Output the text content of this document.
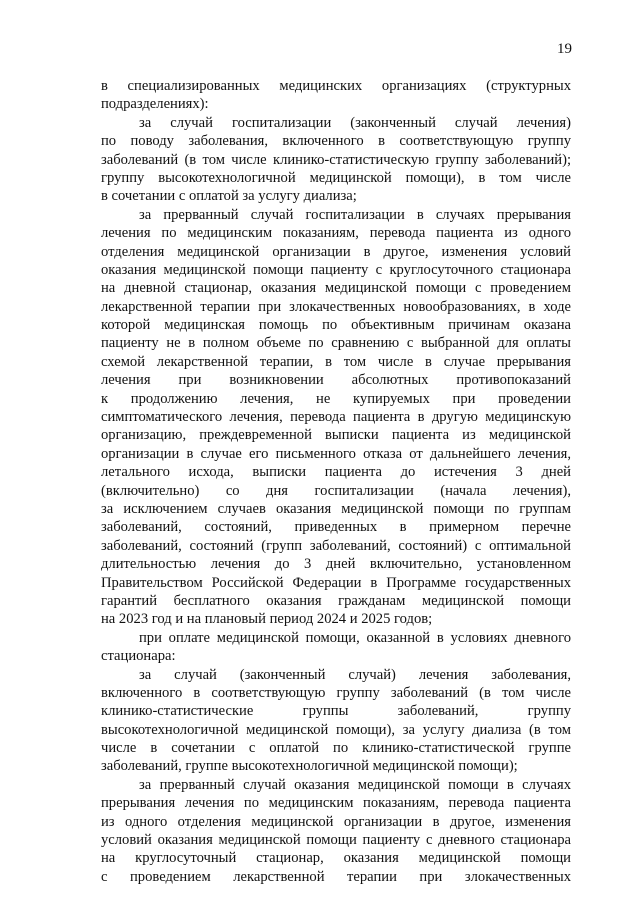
19
в специализированных медицинских организациях (структурных
подразделениях):
за случай госпитализации (законченный случай лечения)
по поводу заболевания, включенного в соответствующую группу
заболеваний (в том числе клинико-статистическую группу заболеваний);
группу высокотехнологичной медицинской помощи), в том числе
в сочетании с оплатой за услугу диализа;
за прерванный случай госпитализации в случаях прерывания
лечения по медицинским показаниям, перевода пациента из одного
отделения медицинской организации в другое, изменения условий
оказания медицинской помощи пациенту с круглосуточного стационара
на дневной стационар, оказания медицинской помощи с проведением
лекарственной терапии при злокачественных новообразованиях, в ходе
которой медицинская помощь по объективным причинам оказана
пациенту не в полном объеме по сравнению с выбранной для оплаты
схемой лекарственной терапии, в том числе в случае прерывания
лечения при возникновении абсолютных противопоказаний
к продолжению лечения, не купируемых при проведении
симптоматического лечения, перевода пациента в другую медицинскую
организацию, преждевременной выписки пациента из медицинской
организации в случае его письменного отказа от дальнейшего лечения,
летального исхода, выписки пациента до истечения 3 дней
(включительно) со дня госпитализации (начала лечения),
за исключением случаев оказания медицинской помощи по группам
заболеваний, состояний, приведенных в примерном перечне
заболеваний, состояний (групп заболеваний, состояний) с оптимальной
длительностью лечения до 3 дней включительно, установленном
Правительством Российской Федерации в Программе государственных
гарантий бесплатного оказания гражданам медицинской помощи
на 2023 год и на плановый период 2024 и 2025 годов;
при оплате медицинской помощи, оказанной в условиях дневного
стационара:
за случай (законченный случай) лечения заболевания,
включенного в соответствующую группу заболеваний (в том числе
клинико-статистические группы заболеваний, группу
высокотехнологичной медицинской помощи), за услугу диализа (в том
числе в сочетании с оплатой по клинико-статистической группе
заболеваний, группе высокотехнологичной медицинской помощи);
за прерванный случай оказания медицинской помощи в случаях
прерывания лечения по медицинским показаниям, перевода пациента
из одного отделения медицинской организации в другое, изменения
условий оказания медицинской помощи пациенту с дневного стационара
на круглосуточный стационар, оказания медицинской помощи
с проведением лекарственной терапии при злокачественных
